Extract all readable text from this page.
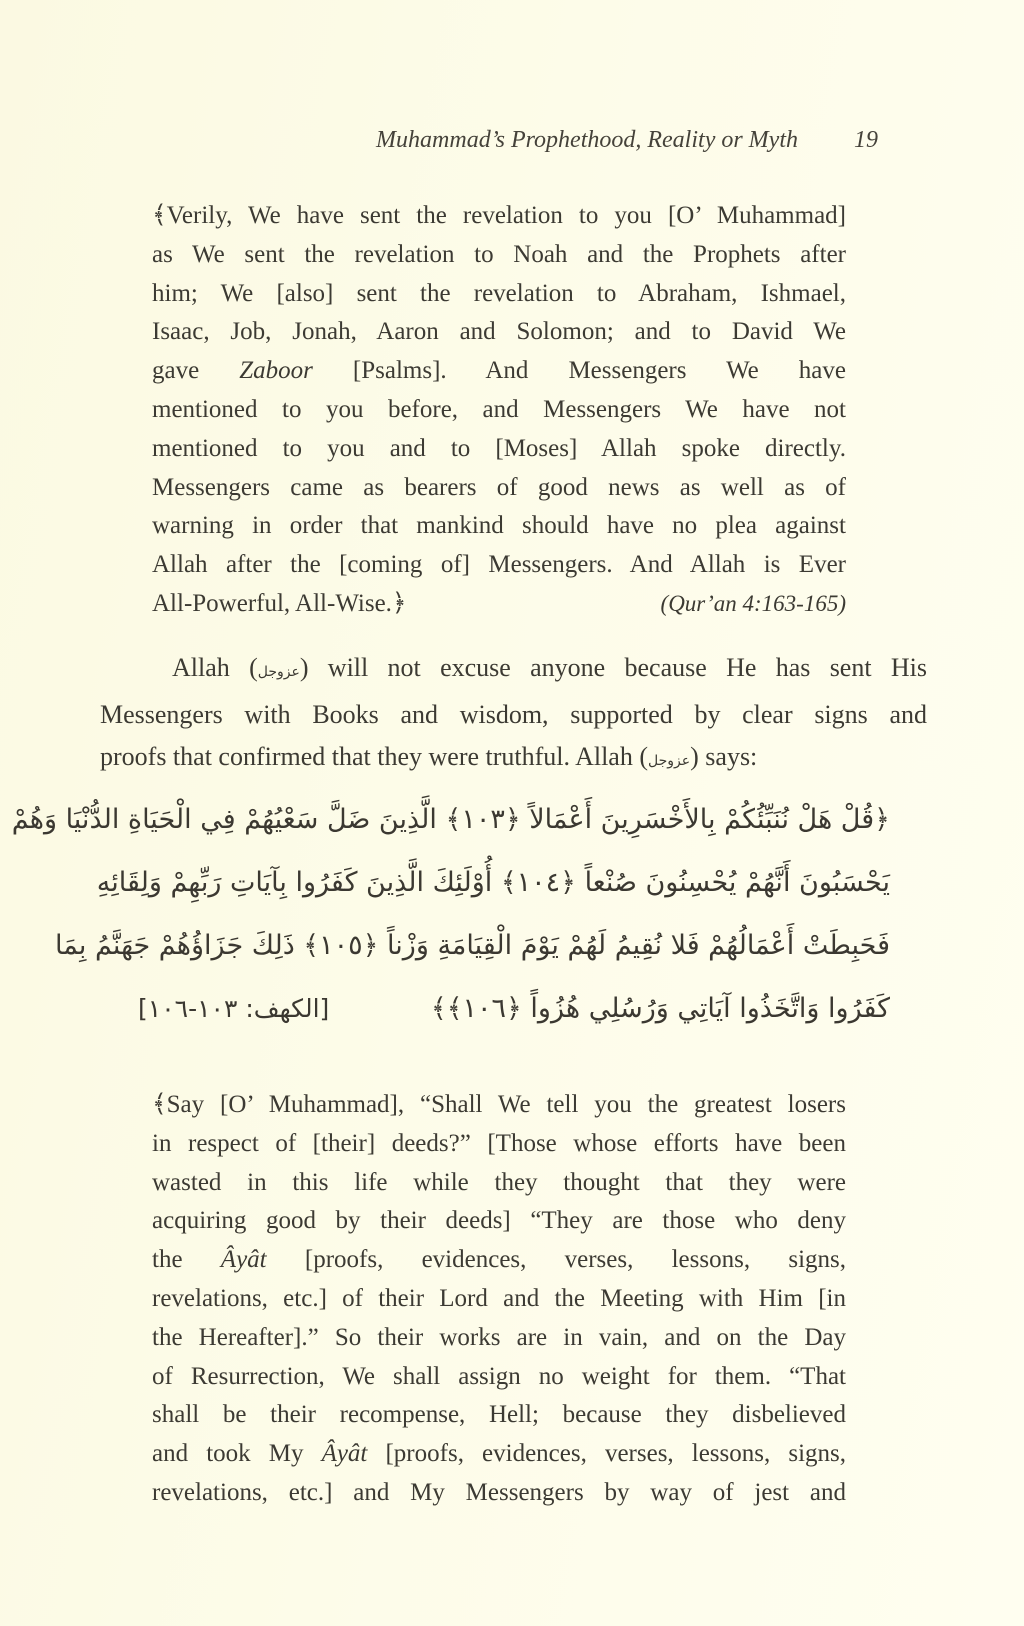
Muhammad’s Prophethood, Reality or Myth 19
﴾Verily, We have sent the revelation to you [O’ Muhammad]
as We sent the revelation to Noah and the Prophets after
him; We [also] sent the revelation to Abraham, Ishmael,
Isaac, Job, Jonah, Aaron and Solomon; and to David We
gave Zaboor [Psalms]. And Messengers We have
mentioned to you before, and Messengers We have not
mentioned to you and to [Moses] Allah spoke directly.
Messengers came as bearers of good news as well as of
warning in order that mankind should have no plea against
Allah after the [coming of] Messengers. And Allah is Ever
All-Powerful, All-Wise.﴿	(Qur’an 4:163-165)
Allah (عزوجل) will not excuse anyone because He has sent His
Messengers with Books and wisdom, supported by clear signs and
proofs that confirmed that they were truthful. Allah (عزوجل) says:
﴿قُلْ هَلْ نُنَبِّئُكُمْ بِالأَخْسَرِينَ أَعْمَالاً ﴿١٠٣﴾ الَّذِينَ ضَلَّ سَعْيُهُمْ فِي الْحَيَاةِ الدُّنْيَا وَهُمْ
يَحْسَبُونَ أَنَّهُمْ يُحْسِنُونَ صُنْعاً ﴿١٠٤﴾ أُوْلَئِكَ الَّذِينَ كَفَرُوا بِآيَاتِ رَبِّهِمْ وَلِقَائِهِ
فَحَبِطَتْ أَعْمَالُهُمْ فَلا نُقِيمُ لَهُمْ يَوْمَ الْقِيَامَةِ وَزْناً ﴿١٠٥﴾ ذَلِكَ جَزَاؤُهُمْ جَهَنَّمُ بِمَا
كَفَرُوا وَاتَّخَذُوا آيَاتِي وَرُسُلِي هُزُواً ﴿١٠٦﴾﴾
[الكهف: ١٠٣-١٠٦]
﴾Say [O’ Muhammad], “Shall We tell you the greatest losers
in respect of [their] deeds?” [Those whose efforts have been
wasted in this life while they thought that they were
acquiring good by their deeds] “They are those who deny
the Âyât [proofs, evidences, verses, lessons, signs,
revelations, etc.] of their Lord and the Meeting with Him [in
the Hereafter].” So their works are in vain, and on the Day
of Resurrection, We shall assign no weight for them. “That
shall be their recompense, Hell; because they disbelieved
and took My Âyât [proofs, evidences, verses, lessons, signs,
revelations, etc.] and My Messengers by way of jest and
